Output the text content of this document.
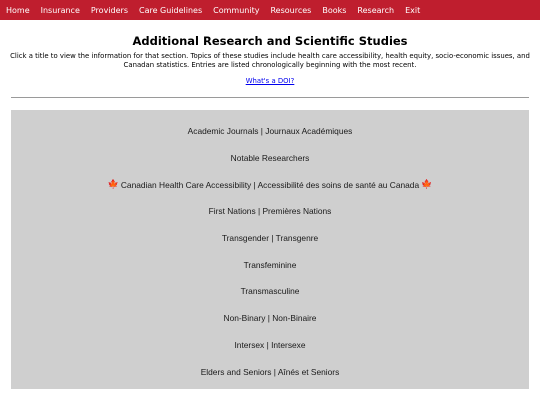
Home Insurance Providers Care Guidelines Community Resources Books Research Exit
Additional Research and Scientific Studies
Click a title to view the information for that section. Topics of these studies include health care accessibility, health equity, socio-economic issues, and
Canadan statistics. Entries are listed chronologically beginning with the most recent.
What's a DOI?
Academic Journals | Journaux Académiques
Notable Researchers
🍁 Canadian Health Care Accessibility | Accessibilité des soins de santé au Canada 🍁
First Nations | Premières Nations
Transgender | Transgenre
Transfeminine
Transmasculine
Non-Binary | Non-Binaire
Intersex | Intersexe
Elders and Seniors | Aînés et Seniors
